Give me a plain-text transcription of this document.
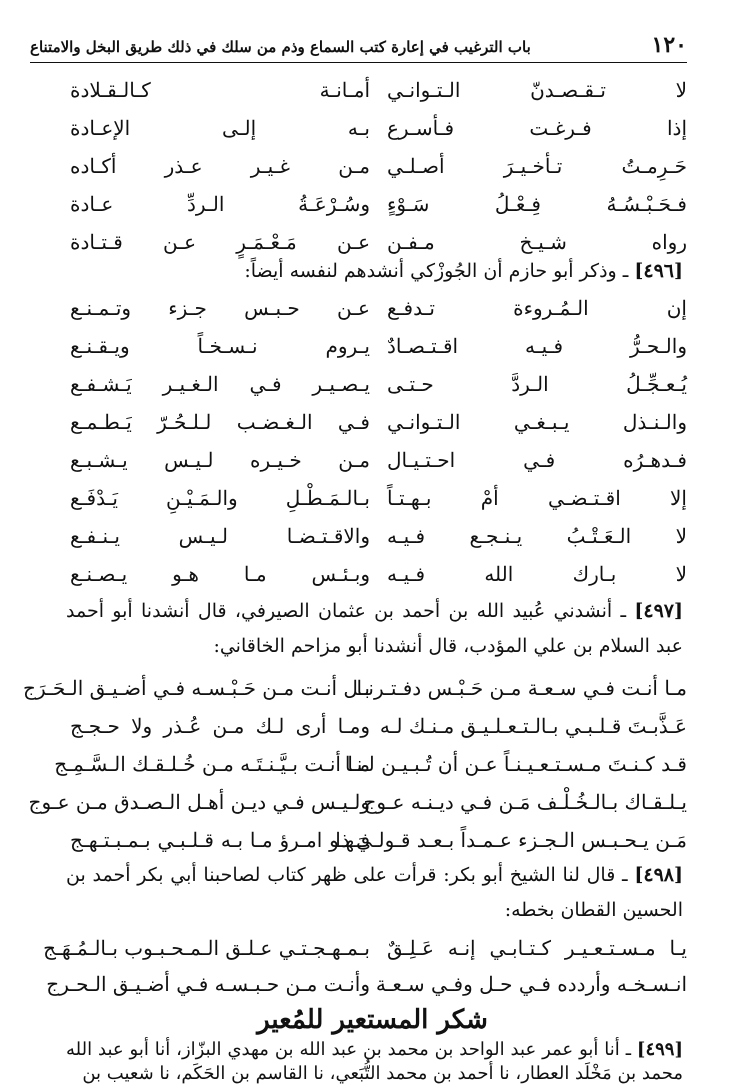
١٢٠
باب الترغيب في إعارة كتب السماع وذم من سلك في ذلك طريق البخل والامتناع
لا تـقـصـدنّ الـتـوانـي
أمـانـة كـالـقـلادة
إذا فـرغـت فـأسـرع
بـه إلـى الإعـادة
حَـرِمـتُ تـأخـيـرَ أصـلـي
مـن غـيـر عـذر أكـاده
فـحَـبْـسُـهُ فِـعْـلُ سَـوْءٍ
وسُـرْعَـةُ الـردِّ عـادة
رواه شـيـخ مـفـن
عـن مَـعْـمَـرٍ عـن قـتـادة
[٤٩٦] ـ وذكر أبو حازم أن الجُوزْكي أنشدهم لنفسه أيضاً:
إن الـمُـروءة تـدفـع
عـن حـبـس جـزء وتـمـنـع
والـحـرُّ فـيـه اقـتـصـادٌ
يـروم نـسـخـاً ويـقـنـع
يُـعـجِّـلُ الـردَّ حـتـى
يـصـيـر فـي الـغـيـر يَـشـفـع
والـنـذل يـبـغـي الـتـوانـي
فـي الـغـضـب لـلـحُـرّ يَـطـمـع
فـدهـرُه فـي احـتـيـال
مـن خـيـره لـيـس يـشـبـع
إلا اقـتـضـي أمْ بـهـتـاً
بـالـمَـطْـلِ والـمَـيْـنِ يَـدْفَـع
لا الـعَـتْـبُ يـنـجـع فـيـه
والاقـتـضـا لـيـس يـنـفـع
لا بـارك الله فـيـه
وبـئـس مـا هـو يـصـنـع
[٤٩٧] ـ أنشدني عُبيد الله بن أحمد بن عثمان الصيرفي، قال أنشدنا أبو أحمد عبد السلام بن علي المؤدب، قال أنشدنا أبو مزاحم الخاقاني:
مـا أنـت فـي سـعـة مـن حَـبْـس دفـتـرنـا
بـل أنـت مـن حَـبْـسـه فـي أضـيـق الـحَـرَج
عَـذَّبـتَ قـلـبـي بـالـتـعـلـيـق مـنـك لـه
ومـا أرى لـك مـن عُـذر ولا حـجـج
قـد كـنـتَ مـسـتـعـيـنـاً عـن أن تُـبـيـن لـنـا
مـا أنـت بـيَّـنـتَـه مـن خُـلـقـك الـسَّـمِـج
يـلـقـاك بـالـخُـلْـف مَـن فـي ديـنـه عـوج
ولـيـس فـي ديـن أهـل الـصـدق مـن عـوج
مَـن يـحـبـس الـجـزء عـمـداً بـعـد قـولـيَ ذا
فـهـو امـرؤ مـا بـه قـلـبـي بـمـبـتـهـج
[٤٩٨] ـ قال لنا الشيخ أبو بكر: قرأت على ظهر كتاب لصاحبنا أبي بكر أحمد بن الحسين القطان بخطه:
يـا مـسـتـعـيـر كـتـابـي إنـه عَـلِـقٌ
بـمـهـجـتـي عـلـق الـمـحـبـوب بـالـمُـهَـج
انـسـخـه وأردده فـي حـل وفـي سـعـة
وأنـت مـن حـبـسـه فـي أضـيـق الـحـرج
شكر المستعير للمُعير
[٤٩٩] ـ أنا أبو عمر عبد الواحد بن محمد بن عبد الله بن مهدي البزّاز، أنا أبو عبد الله محمد بن مَخْلَد العطار، نا أحمد بن محمد التُّبَعي، نا القاسم بن الحَكَم، نا شعيب بن
